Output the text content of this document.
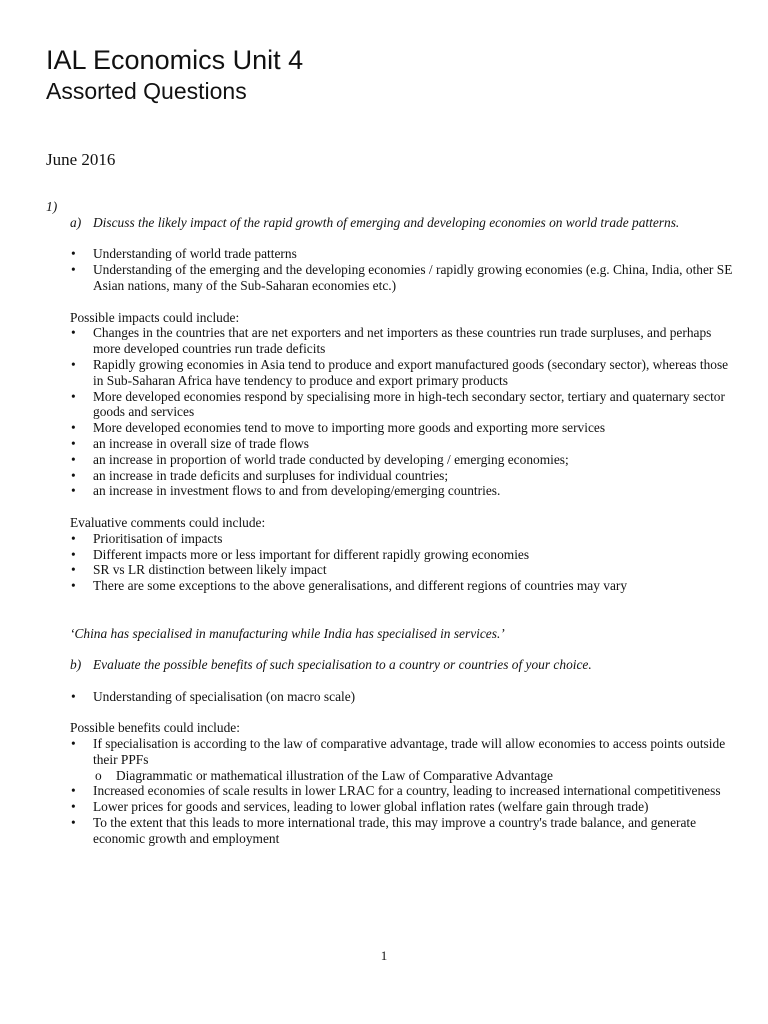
IAL Economics Unit 4
Assorted Questions
June 2016

1)

a) Discuss the likely impact of the rapid growth of emerging and developing economies on world trade patterns.
• Understanding of world trade patterns
• Understanding of the emerging and the developing economies / rapidly growing economies (e.g. China, India, other SE Asian nations, many of the Sub-Saharan economies etc.)

Possible impacts could include:

• Changes in the countries that are net exporters and net importers as these countries run trade surpluses, and perhaps more developed countries run trade deficits
• Rapidly growing economies in Asia tend to produce and export manufactured goods (secondary sector), whereas those in Sub-Saharan Africa have tendency to produce and export primary products
• More developed economies respond by specialising more in high-tech secondary sector, tertiary and quaternary sector goods and services
• More developed economies tend to move to importing more goods and exporting more services
• an increase in overall size of trade flows
• an increase in proportion of world trade conducted by developing / emerging economies;
• an increase in trade deficits and surpluses for individual countries;
• an increase in investment flows to and from developing/emerging countries.

Evaluative comments could include:

• Prioritisation of impacts
• Different impacts more or less important for different rapidly growing economies
• SR vs LR distinction between likely impact
• There are some exceptions to the above generalisations, and different regions of countries may vary

‘China has specialised in manufacturing while India has specialised in services.’

b) Evaluate the possible benefits of such specialisation to a country or countries of your choice.
• Understanding of specialisation (on macro scale)

Possible benefits could include:

• If specialisation is according to the law of comparative advantage, trade will allow economies to access points outside their PPFs
o Diagrammatic or mathematical illustration of the Law of Comparative Advantage
• Increased economies of scale results in lower LRAC for a country, leading to increased international competitiveness
• Lower prices for goods and services, leading to lower global inflation rates (welfare gain through trade)
• To the extent that this leads to more international trade, this may improve a country's trade balance, and generate economic growth and employment
1
